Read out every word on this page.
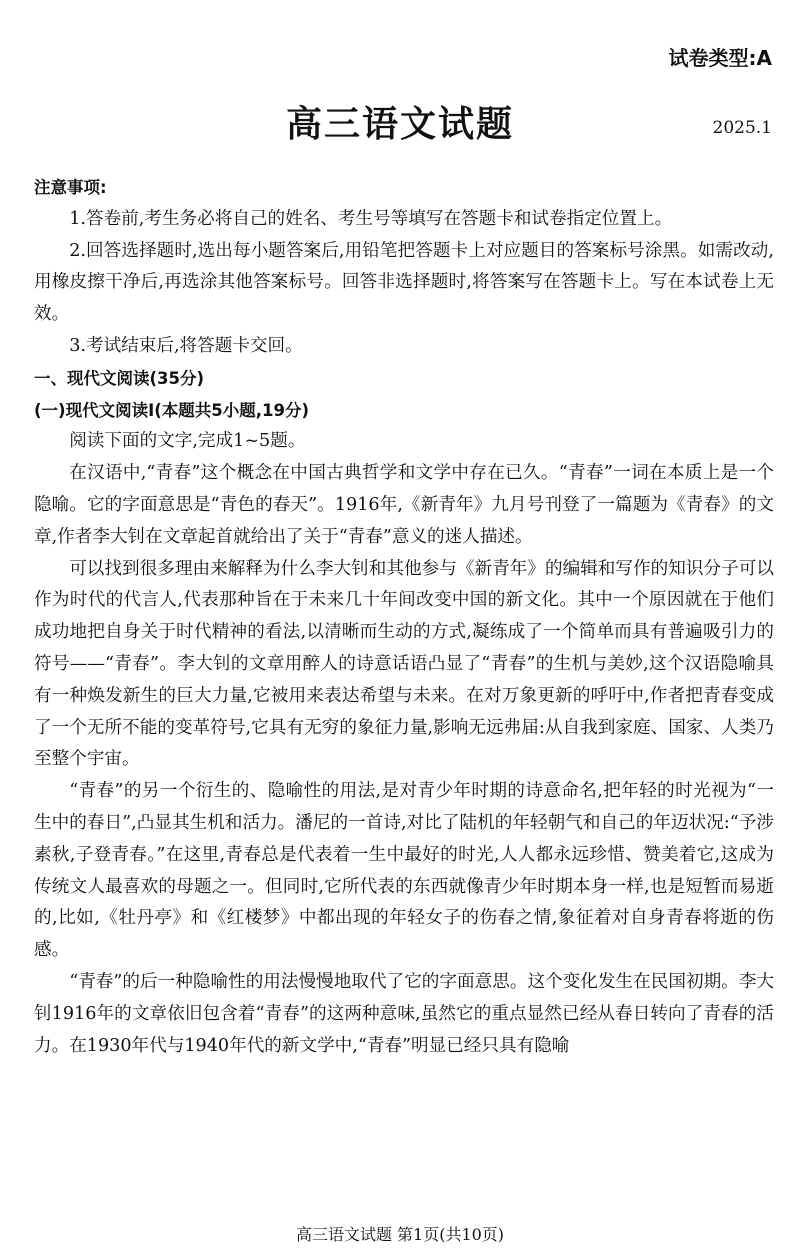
试卷类型:A
高三语文试题	2025.1

注意事项:

1.答卷前,考生务必将自己的姓名、考生号等填写在答题卡和试卷指定位置上。

2.回答选择题时,选出每小题答案后,用铅笔把答题卡上对应题目的答案标号涂黑。如需改动,用橡皮擦干净后,再选涂其他答案标号。回答非选择题时,将答案写在答题卡上。写在本试卷上无效。

3.考试结束后,将答题卡交回。

一、现代文阅读(35分)

(一)现代文阅读Ⅰ(本题共5小题,19分)

阅读下面的文字,完成1~5题。

在汉语中,“青春”这个概念在中国古典哲学和文学中存在已久。“青春”一词在本质上是一个隐喻。它的字面意思是“青色的春天”。1916年,《新青年》九月号刊登了一篇题为《青春》的文章,作者李大钊在文章起首就给出了关于“青春”意义的迷人描述。

可以找到很多理由来解释为什么李大钊和其他参与《新青年》的编辑和写作的知识分子可以作为时代的代言人,代表那种旨在于未来几十年间改变中国的新文化。其中一个原因就在于他们成功地把自身关于时代精神的看法,以清晰而生动的方式,凝练成了一个简单而具有普遍吸引力的符号——“青春”。李大钊的文章用醉人的诗意话语凸显了“青春”的生机与美妙,这个汉语隐喻具有一种焕发新生的巨大力量,它被用来表达希望与未来。在对万象更新的呼吁中,作者把青春变成了一个无所不能的变革符号,它具有无穷的象征力量,影响无远弗届:从自我到家庭、国家、人类乃至整个宇宙。

“青春”的另一个衍生的、隐喻性的用法,是对青少年时期的诗意命名,把年轻的时光视为“一生中的春日”,凸显其生机和活力。潘尼的一首诗,对比了陆机的年轻朝气和自己的年迈状况:“予涉素秋,子登青春。”在这里,青春总是代表着一生中最好的时光,人人都永远珍惜、赞美着它,这成为传统文人最喜欢的母题之一。但同时,它所代表的东西就像青少年时期本身一样,也是短暂而易逝的,比如,《牡丹亭》和《红楼梦》中都出现的年轻女子的伤春之情,象征着对自身青春将逝的伤感。

“青春”的后一种隐喻性的用法慢慢地取代了它的字面意思。这个变化发生在民国初期。李大钊1916年的文章依旧包含着“青春”的这两种意味,虽然它的重点显然已经从春日转向了青春的活力。在1930年代与1940年代的新文学中,“青春”明显已经只具有隐喻

高三语文试题 第1页(共10页)
